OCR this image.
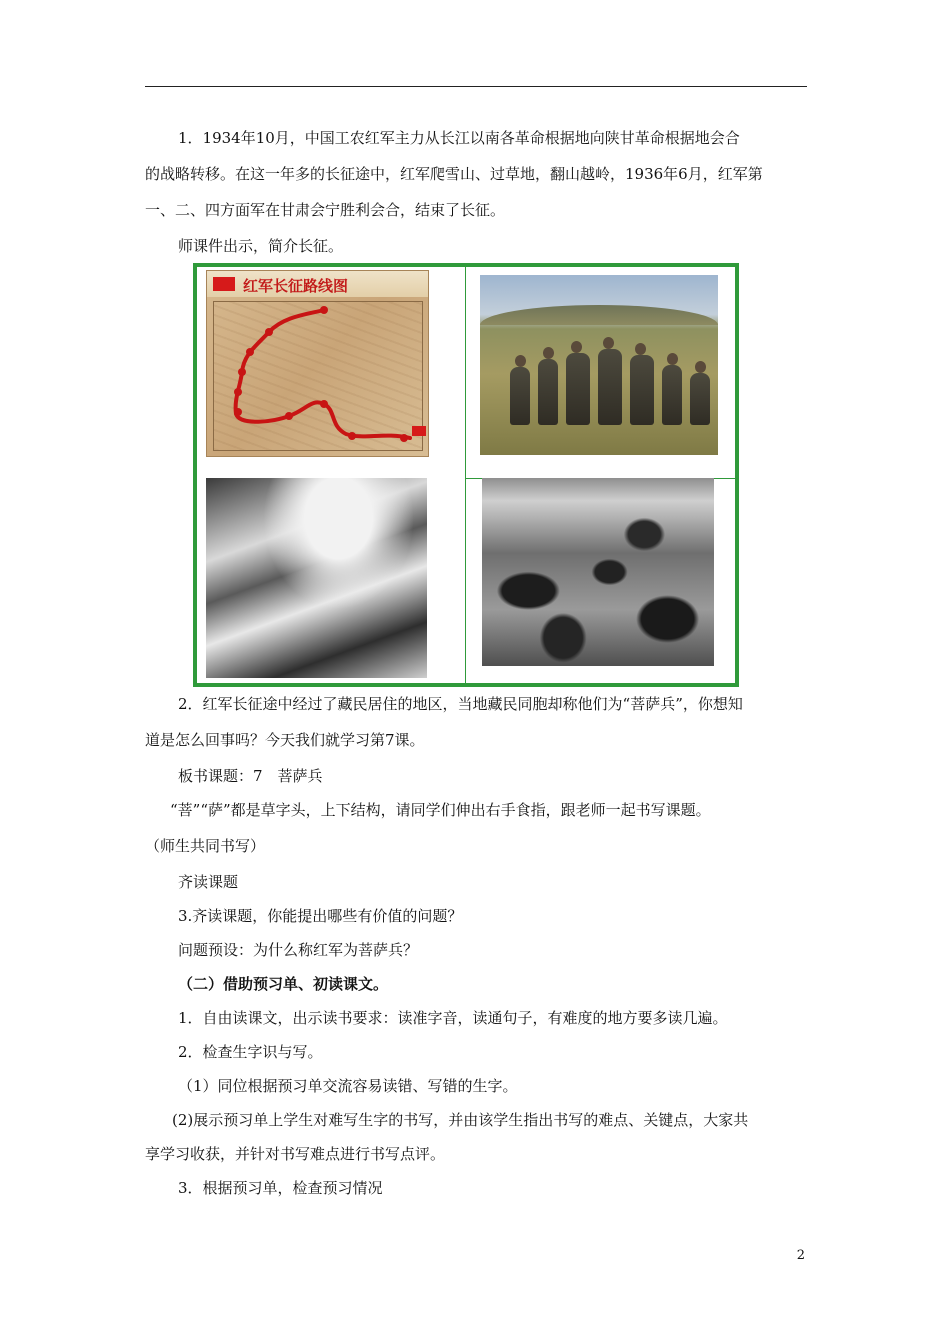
1．1934年10月，中国工农红军主力从长江以南各革命根据地向陕甘革命根据地会合
的战略转移。在这一年多的长征途中，红军爬雪山、过草地，翻山越岭，1936年6月，红军第
一、二、四方面军在甘肃会宁胜利会合，结束了长征。
师课件出示，简介长征。
红军长征路线图
2．红军长征途中经过了藏民居住的地区，当地藏民同胞却称他们为“菩萨兵”，你想知
道是怎么回事吗？今天我们就学习第7课。
板书课题：7　菩萨兵
“菩”“萨”都是草字头，上下结构，请同学们伸出右手食指，跟老师一起书写课题。
（师生共同书写）
齐读课题
3.齐读课题，你能提出哪些有价值的问题？
问题预设：为什么称红军为菩萨兵？
（二）借助预习单、初读课文。
1．自由读课文，出示读书要求：读准字音，读通句子，有难度的地方要多读几遍。
2．检查生字识与写。
（1）同位根据预习单交流容易读错、写错的生字。
(2)展示预习单上学生对难写生字的书写，并由该学生指出书写的难点、关键点，大家共
享学习收获，并针对书写难点进行书写点评。
3．根据预习单，检查预习情况
2
